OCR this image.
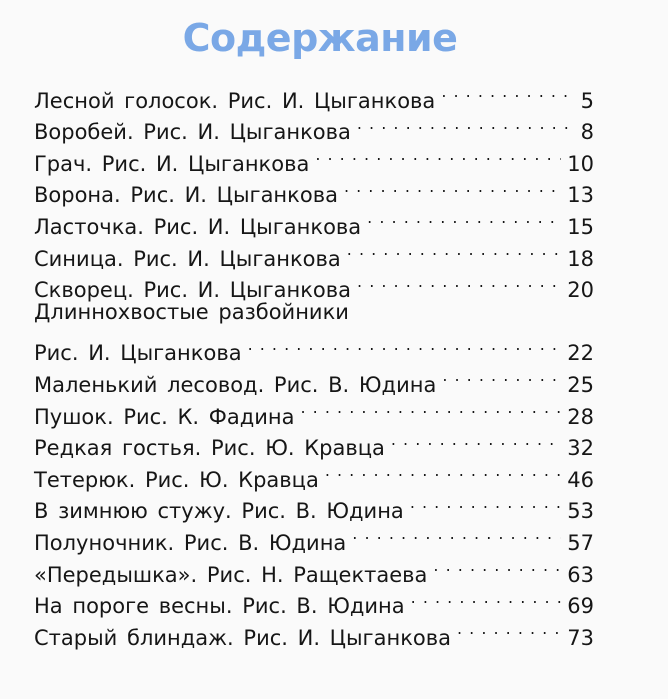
Содержание
Лесной голосок. Рис. И. Цыганкова . . .	5
Воробей. Рис. И. Цыганкова . . .	8
Грач. Рис. И. Цыганкова . . .	10
Ворона. Рис. И. Цыганкова . . .	13
Ласточка. Рис. И. Цыганкова . . .	15
Синица. Рис. И. Цыганкова . . .	18
Скворец. Рис. И. Цыганкова . . .	20
Длиннохвостые разбойники
Рис. И. Цыганкова . . .	22
Маленький лесовод. Рис. В. Юдина . . .	25
Пушок. Рис. К. Фадина . . .	28
Редкая гостья. Рис. Ю. Кравца . . .	32
Тетерюк. Рис. Ю. Кравца . . .	46
В зимнюю стужу. Рис. В. Юдина . . .	53
Полуночник. Рис. В. Юдина . . .	57
«Передышка». Рис. Н. Ращектаева . . .	63
На пороге весны. Рис. В. Юдина . . .	69
Старый блиндаж. Рис. И. Цыганкова . . .	73
